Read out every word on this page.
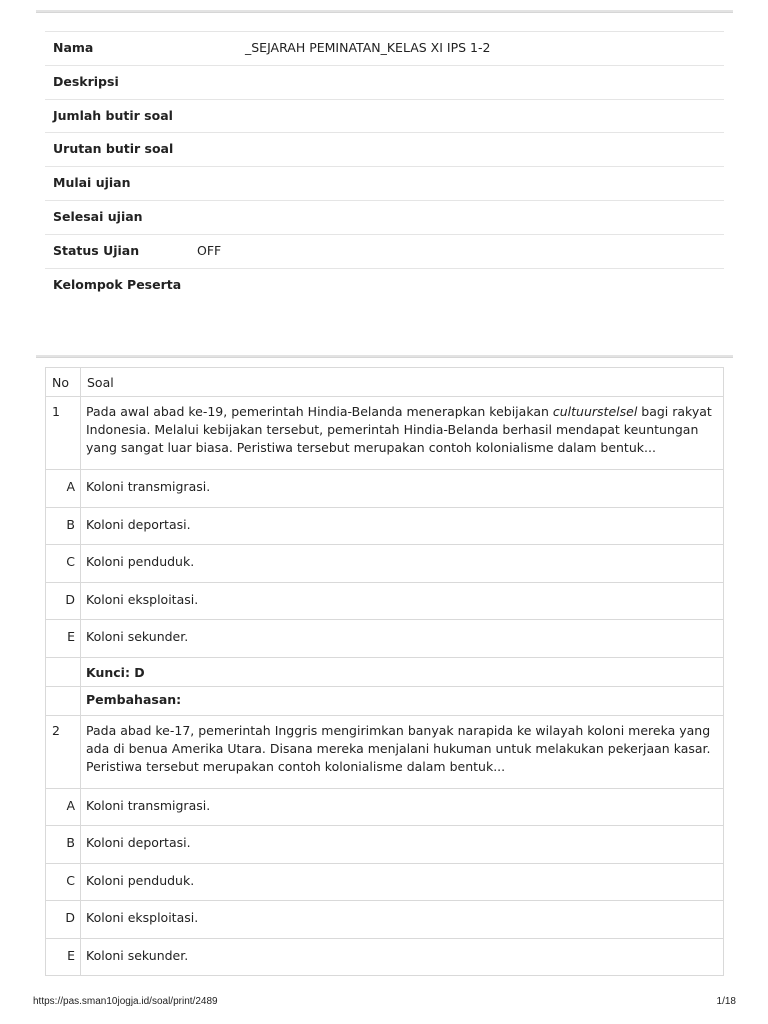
Nama	_SEJARAH PEMINATAN_KELAS XI IPS 1-2
Deskripsi
Jumlah butir soal
Urutan butir soal
Mulai ujian
Selesai ujian
Status Ujian	OFF
Kelompok Peserta
No	Soal
1	Pada awal abad ke-19, pemerintah Hindia-Belanda menerapkan kebijakan cultuurstelsel bagi rakyat Indonesia. Melalui kebijakan tersebut, pemerintah Hindia-Belanda berhasil mendapat keuntungan yang sangat luar biasa. Peristiwa tersebut merupakan contoh kolonialisme dalam bentuk...
A	Koloni transmigrasi.
B	Koloni deportasi.
C	Koloni penduduk.
D	Koloni eksploitasi.
E	Koloni sekunder.
	Kunci: D
	Pembahasan:
2	Pada abad ke-17, pemerintah Inggris mengirimkan banyak narapida ke wilayah koloni mereka yang ada di benua Amerika Utara. Disana mereka menjalani hukuman untuk melakukan pekerjaan kasar. Peristiwa tersebut merupakan contoh kolonialisme dalam bentuk...
A	Koloni transmigrasi.
B	Koloni deportasi.
C	Koloni penduduk.
D	Koloni eksploitasi.
E	Koloni sekunder.
https://pas.sman10jogja.id/soal/print/2489	1/18
